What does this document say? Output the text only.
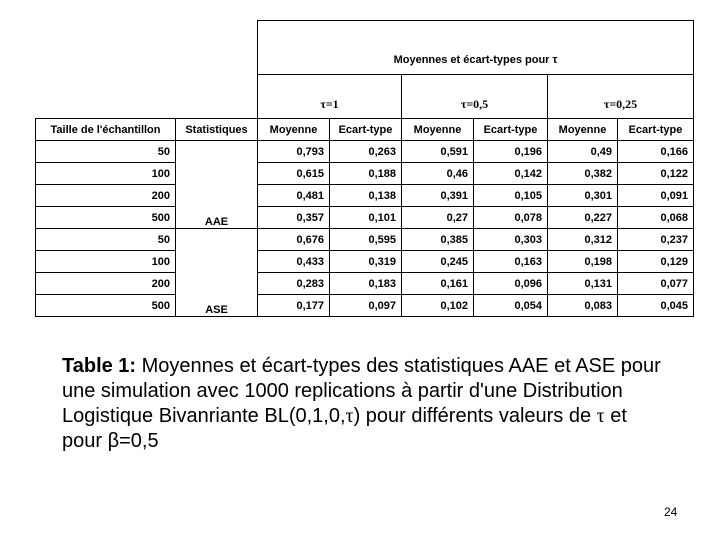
		Moyennes et écart-types pour τ					
		τ=1		τ=0,5		τ=0,25	
Taille de l'échantillon	Statistiques	Moyenne	Ecart-type	Moyenne	Ecart-type	Moyenne	Ecart-type
50		0,793	0,263	0,591	0,196	0,49	0,166
100		0,615	0,188	0,46	0,142	0,382	0,122
200		0,481	0,138	0,391	0,105	0,301	0,091
500	AAE	0,357	0,101	0,27	0,078	0,227	0,068
50		0,676	0,595	0,385	0,303	0,312	0,237
100		0,433	0,319	0,245	0,163	0,198	0,129
200		0,283	0,183	0,161	0,096	0,131	0,077
500	ASE	0,177	0,097	0,102	0,054	0,083	0,045
Table 1: Moyennes et écart-types des statistiques AAE et ASE pour une simulation avec 1000 replications à partir d'une Distribution Logistique Bivanriante BL(0,1,0,τ) pour différents valeurs de τ et pour β=0,5
24
